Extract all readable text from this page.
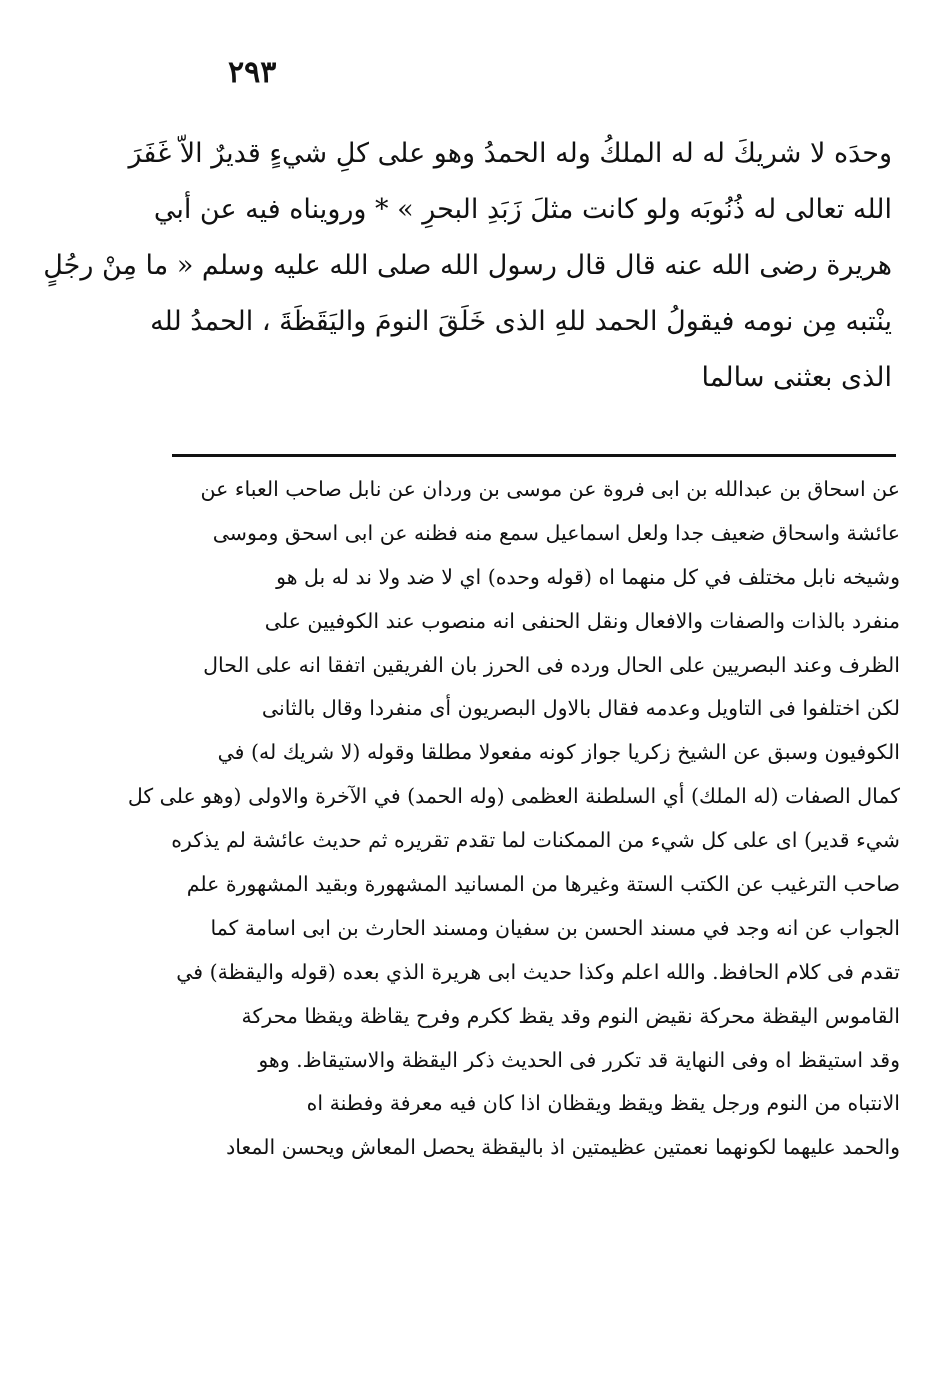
٢٩٣
وحدَه لا شريكَ له له الملكُ وله الحمدُ وهو على كلِ شيءٍ قديرٌ الاّ غَفَرَ
الله تعالى له ذُنُوبَه ولو كانت مثلَ زَبَدِ البحرِ » * ورويناه فيه عن أبي
هريرة رضى الله عنه قال قال رسول الله صلى الله عليه وسلم « ما مِنْ رجُلٍ
ينْتبه مِن نومه فيقولُ الحمد للهِ الذى خَلَقَ النومَ واليَقَظَةَ ، الحمدُ لله
الذى بعثنى سالما
عن اسحاق بن عبدالله بن ابى فروة عن موسى بن وردان عن نابل صاحب العباء عن
عائشة واسحاق ضعيف جدا ولعل اسماعيل سمع منه فظنه عن ابى اسحق وموسى
وشيخه نابل مختلف في كل منهما اه (قوله وحده) اي لا ضد ولا ند له بل هو
منفرد بالذات والصفات والافعال ونقل الحنفى انه منصوب عند الكوفيين على
الظرف وعند البصريين على الحال ورده فى الحرز بان الفريقين اتفقا انه على الحال
لكن اختلفوا فى التاويل وعدمه فقال بالاول البصريون أى منفردا وقال بالثانى
الكوفيون وسبق عن الشيخ زكريا جواز كونه مفعولا مطلقا وقوله (لا شريك له) في
كمال الصفات (له الملك) أي السلطنة العظمى (وله الحمد) في الآخرة والاولى (وهو على كل
شيء قدير) اى على كل شيء من الممكنات لما تقدم تقريره ثم حديث عائشة لم يذكره
صاحب الترغيب عن الكتب الستة وغيرها من المسانيد المشهورة وبقيد المشهورة علم
الجواب عن انه وجد في مسند الحسن بن سفيان ومسند الحارث بن ابى اسامة كما
تقدم فى كلام الحافظ. والله اعلم وكذا حديث ابى هريرة الذي بعده (قوله واليقظة) في
القاموس اليقظة محركة نقيض النوم وقد يقظ ككرم وفرح يقاظة ويقظا محركة
وقد استيقظ اه وفى النهاية قد تكرر فى الحديث ذكر اليقظة والاستيقاظ. وهو
الانتباه من النوم ورجل يقظ ويقظ ويقظان اذا كان فيه معرفة وفطنة اه
والحمد عليهما لكونهما نعمتين عظيمتين اذ باليقظة يحصل المعاش ويحسن المعاد
